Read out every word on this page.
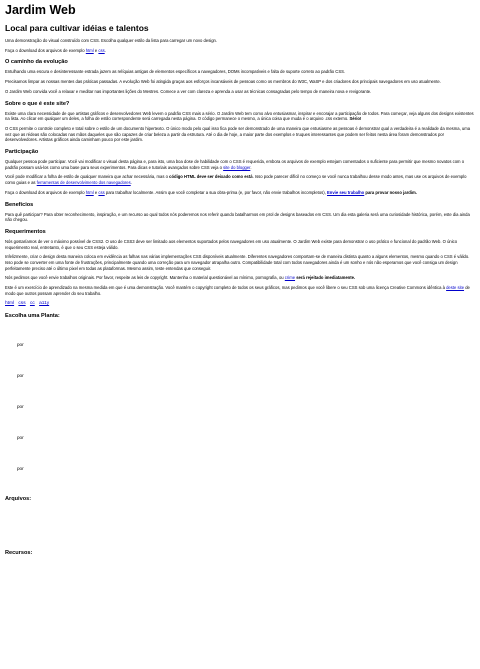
Jardim Web
Local para cultivar idéias e talentos

Uma demonstração do visual construído com CSS. Escolha qualquer estilo da lista para carregar um novo design.

Faça o download dos arquivos de exemplo html e css.

O caminho da evolução

Entulhando uma escura e desinteressante estrada jazem as relíquias antigas de elementos específicos a navegadores, DOMs incompatíveis e falta de suporte correto ao padrão CSS.

Precisamos limpar as nossas mentes das práticas passadas. A evolução Web foi atingida graças aos esforços incansáveis de pessoas como os membros do W3C, WaSP e dos criadores dos principais navegadores em uso atualmente.

O Jardim Web convida você a relaxar e meditar nas importantes lições do Mestres. Comece a ver com clareza e aprenda a usar as técnicas consagradas pelo tempo de maneira nova e revigorante.

Sobre o que é este site?

Existe uma clara necessidade de que artistas gráficos e desenvolvedores Web levem o padrão CSS mais a sério. O Jardim Web tem como alvo entusiasmar, inspirar e encorajar a participação de todos. Para começar, veja alguns dos designs existentes na lista. Ao clicar em qualquer um deles, a folha de estilo correspondente será carregada nesta página. O código permanece o mesmo, a única coisa que muda é o arquivo .css externo. Sério!

O CSS permite o controle completo e total sobre o estilo de um documento hipertexto. O único modo pelo qual isso fica pode ser demonstrado de uma maneira que entusiasme as pessoas é demonstrar qual a verdadeira é a realidade da mesma, uma vez que as rédeas são colocadas nas mãos daqueles que são capazes de criar beleza a partir da estrutura. Até o dia de hoje, a maior parte dos exemplos e truques interessantes que podem ser feitos nesta área foram demonstrados por desenvolvedores. Artistas gráficos ainda caminham pouco por este jardim.

Participação

Qualquer pessoa pode participar. Você vai modificar o visual desta página e, para isto, uma boa dose de habilidade com o CSS é requerida, embora os arquivos de exemplo estejam comentados o suficiente para permitir que mesmo novatos com o padrão possam usá-los como uma base para seus experimentos. Para dicas e tutoriais avançados sobre CSS veja o site do blogger.

Você pode modificar a folha de estilo de qualquer maneira que achar necessária, mas o código HTML deve ser deixado como está. Isso pode parecer difícil no começo se você nunca trabalhou desse modo antes, mas use os arquivos de exemplo como guias e as ferramentas de desenvolvimento dos navegadores.

Faça o download dos arquivos de exemplo html e css para trabalhar localmente. Assim que você completar a sua obra-prima (e, por favor, não envie trabalhos incompletos), Envie seu trabalho para provar nosso jardim.

Benefícios

Para quê participar? Para obter reconhecimento, inspiração, e um recurso ao qual todos nós poderemos nos referir quando batalharmos em prol de designs baseados em CSS. Um dia esta galeria será uma curiosidade histórica, porém, este dia ainda não chegou.

Requerimentos

Nós gostaríamos de ver o máximo possível de CSS2. O uso de CSS3 deve ser limitado aos elementos suportados pelos navegadores em uso atualmente. O Jardim Web existe para demonstrar o uso prático e funcional do padrão Web. O único requerimento real, entretanto, é que o seu CSS esteja válido.

Infelizmente, criar o design desta maneira coloca em evidência as falhas nas várias implementações CSS disponíveis atualmente. Diferentes navegadores comportam-se de maneira distinta quanto a alguns elementos, mesmo quando o CSS é válido. Isso pode se converter em uma fonte de frustrações, principalmente quando uma correção para um navegador atrapalha outro. Compatibilidade total com todos navegadores ainda é um sonho e nós não esperamos que você consiga um design perfeitamente preciso até o último pixel em todas as plataformas. Mesmo assim, teste entendas que conseguir.

Nós pedimos que você envie trabalhos originais. Por favor, respeite as leis de copyright. Mantenha o material questionável ao mínimo, pornografia, ou crime será rejeitado imediatamente.

Este é um exercício de aprendizado na mesma medida em que é uma demonstração. Você mantém o copyright completo de todos os seus gráficos, mas pedimos que você libere o seu CSS sob uma licença Creative Commons idêntica à deste site de modo que outros possam aprender do seu trabalho.

html css cc a11y
Escolha uma Planta:
por
por
por
por
por
Arquivos:
Recursos:
